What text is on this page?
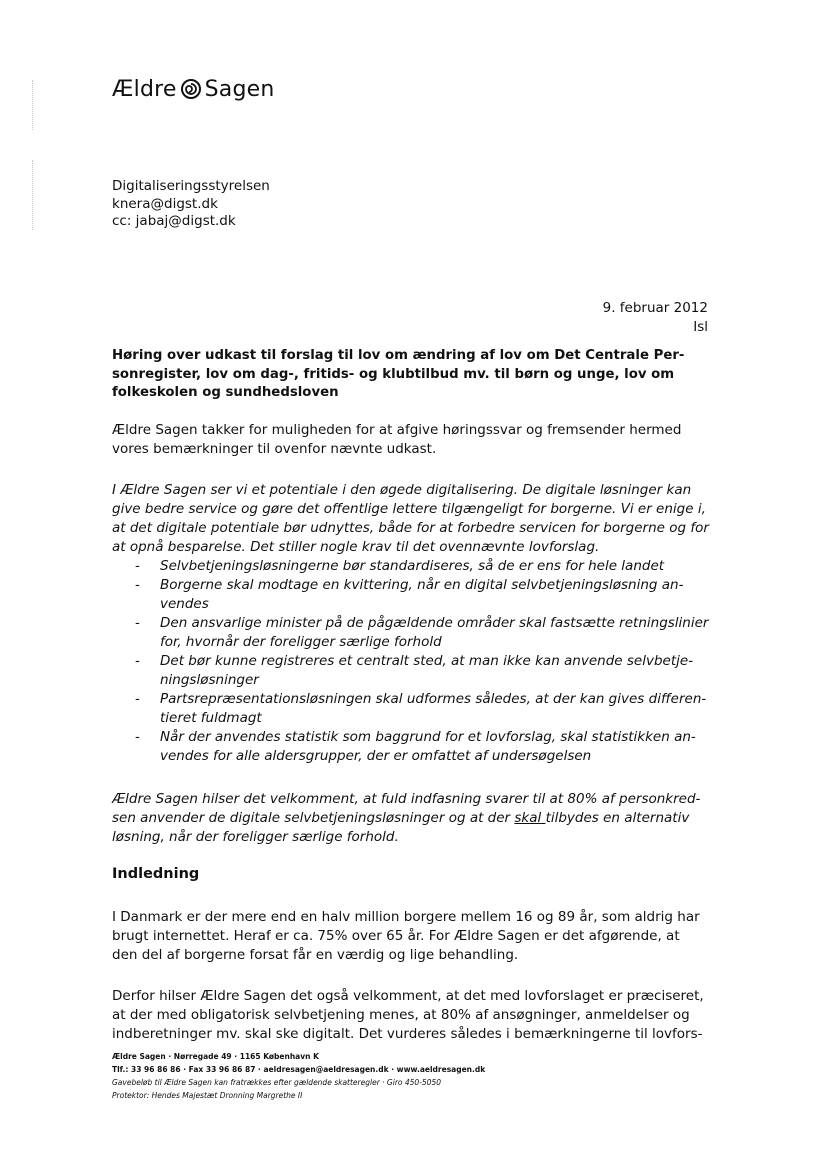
Ældre Sagen
Digitaliseringsstyrelsen
knera@digst.dk
cc: jabaj@digst.dk
9. februar 2012
Isl
Høring over udkast til forslag til lov om ændring af lov om Det Centrale Per-
sonregister, lov om dag-, fritids- og klubtilbud mv. til børn og unge, lov om
folkeskolen og sundhedsloven
Ældre Sagen takker for muligheden for at afgive høringssvar og fremsender hermed
vores bemærkninger til ovenfor nævnte udkast.
I Ældre Sagen ser vi et potentiale i den øgede digitalisering. De digitale løsninger kan
give bedre service og gøre det offentlige lettere tilgængeligt for borgerne. Vi er enige i,
at det digitale potentiale bør udnyttes, både for at forbedre servicen for borgerne og for
at opnå besparelse. Det stiller nogle krav til det ovennævnte lovforslag.
- Selvbetjeningsløsningerne bør standardiseres, så de er ens for hele landet
- Borgerne skal modtage en kvittering, når en digital selvbetjeningsløsning an-
vendes
- Den ansvarlige minister på de pågældende områder skal fastsætte retningslinier
for, hvornår der foreligger særlige forhold
- Det bør kunne registreres et centralt sted, at man ikke kan anvende selvbetje-
ningsløsninger
- Partsrepræsentationsløsningen skal udformes således, at der kan gives differen-
tieret fuldmagt
- Når der anvendes statistik som baggrund for et lovforslag, skal statistikken an-
vendes for alle aldersgrupper, der er omfattet af undersøgelsen
Ældre Sagen hilser det velkomment, at fuld indfasning svarer til at 80% af personkred-
sen anvender de digitale selvbetjeningsløsninger og at der skal tilbydes en alternativ
løsning, når der foreligger særlige forhold.
Indledning
I Danmark er der mere end en halv million borgere mellem 16 og 89 år, som aldrig har
brugt internettet. Heraf er ca. 75% over 65 år. For Ældre Sagen er det afgørende, at
den del af borgerne forsat får en værdig og lige behandling.
Derfor hilser Ældre Sagen det også velkomment, at det med lovforslaget er præciseret,
at der med obligatorisk selvbetjening menes, at 80% af ansøgninger, anmeldelser og
indberetninger mv. skal ske digitalt. Det vurderes således i bemærkningerne til lovfors-
Ældre Sagen · Nørregade 49 · 1165 København K
Tlf.: 33 96 86 86 · Fax 33 96 86 87 · aeldresagen@aeldresagen.dk · www.aeldresagen.dk
Gavebeløb til Ældre Sagen kan fratrækkes efter gældende skatteregler · Giro 450-5050
Protektor: Hendes Majestæt Dronning Margrethe II
